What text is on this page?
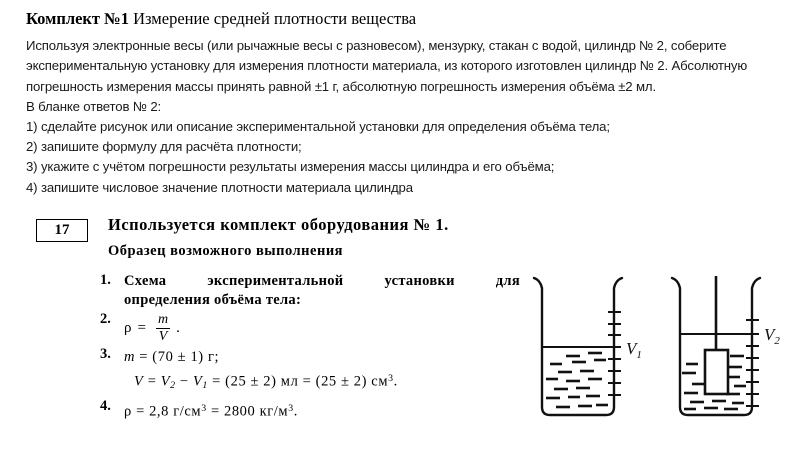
Комплект №1 Измерение средней плотности вещества

Используя электронные весы (или рычажные весы с разновесом), мензурку, стакан с водой, цилиндр № 2, соберите экспериментальную установку для измерения плотности материала, из которого изготовлен цилиндр № 2. Абсолютную погрешность измерения массы принять равной ±1 г, абсолютную погрешность измерения объёма ±2 мл.

В бланке ответов № 2:

1) сделайте рисунок или описание экспериментальной установки для определения объёма тела;

2) запишите формулу для расчёта плотности;

3) укажите с учётом погрешности результаты измерения массы цилиндра и его объёма;

4) запишите числовое значение плотности материала цилиндра

17 Используется комплект оборудования № 1.
Образец возможного выполнения
1. Схема экспериментальной установки для
определения объёма тела:
2.
$\rho = \frac{m}{V}$ .
3. m = (70 ± 1) г;
$V = V_2 - V_1 = (25 \pm 2)$ мл = (25 ± 2) $см^3$.
4. ρ = 2,8 $г/см^3 = 2800$ $кг/м^3$.
$V_1$
$V_2$
